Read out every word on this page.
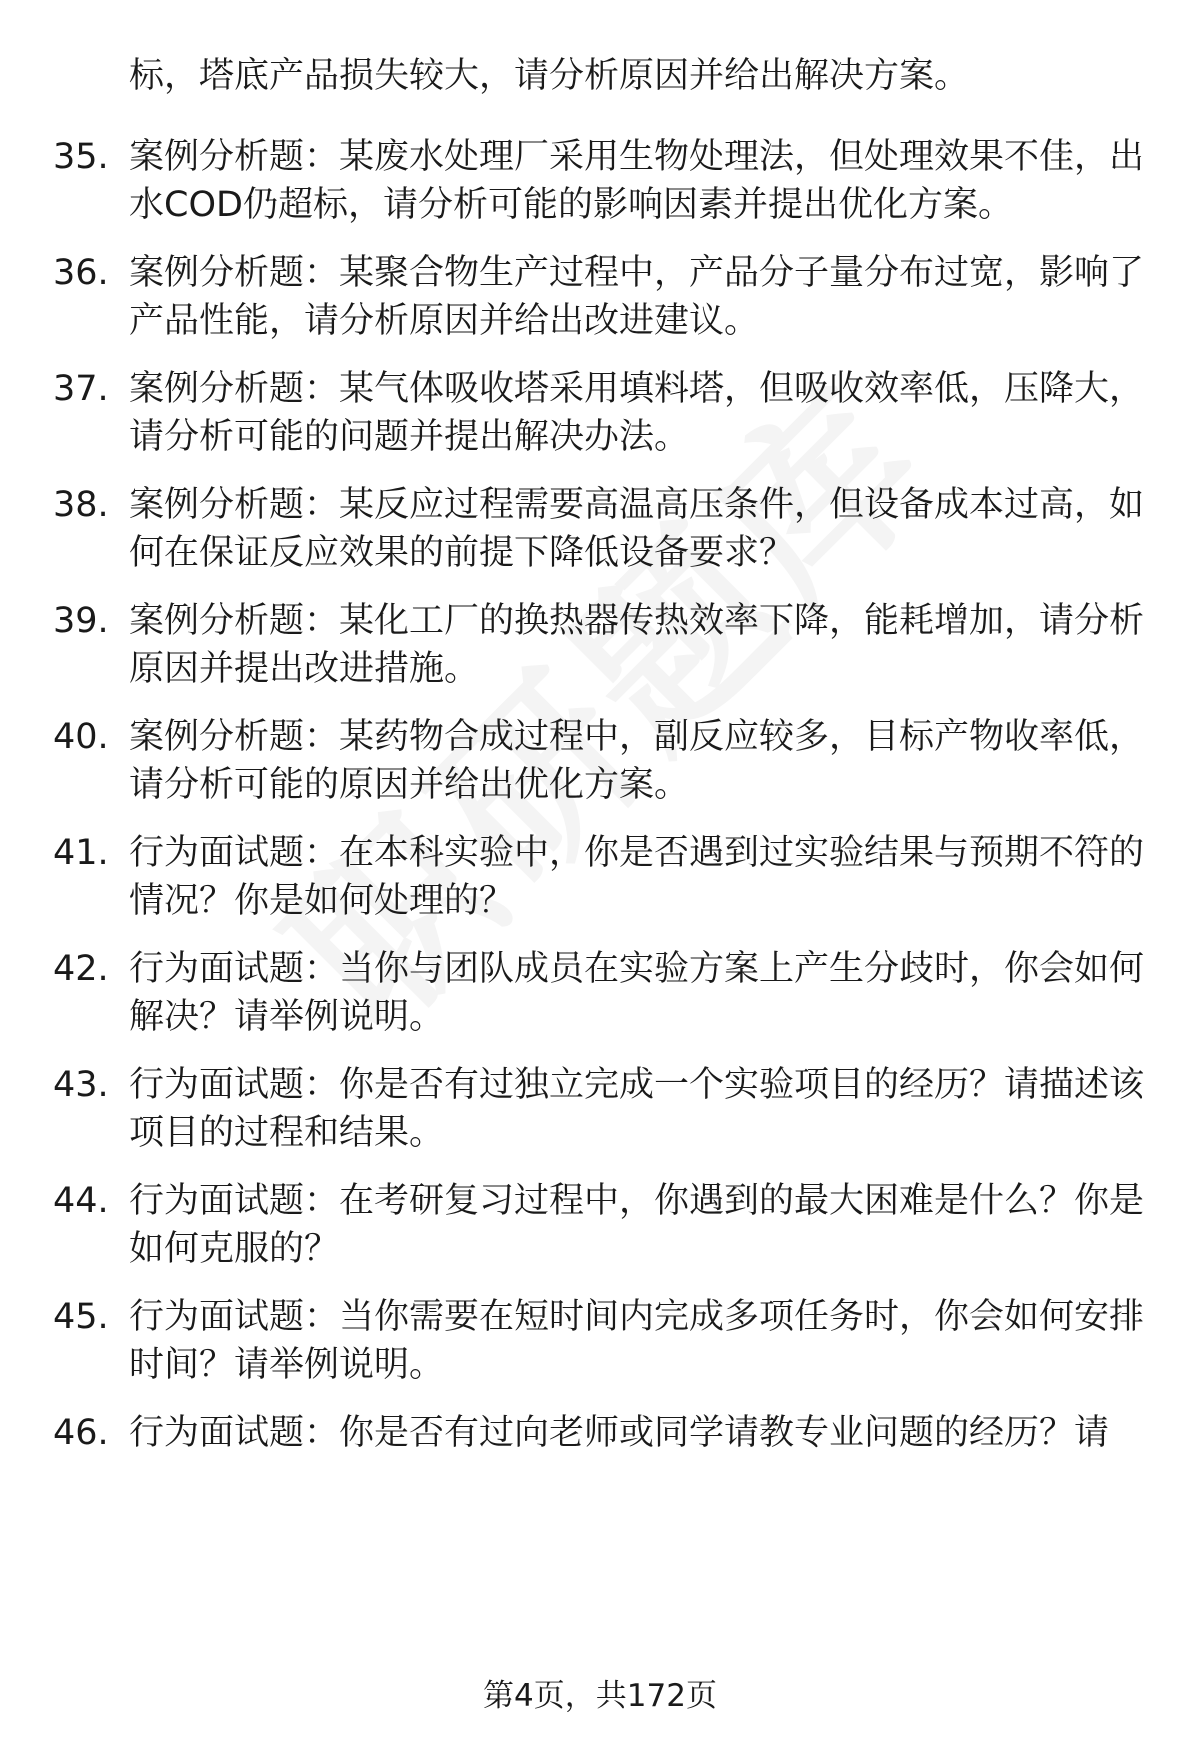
标，塔底产品损失较大，请分析原因并给出解决方案。
35. 案例分析题：某废水处理厂采用生物处理法，但处理效果不佳，出水COD仍超标，请分析可能的影响因素并提出优化方案。
36. 案例分析题：某聚合物生产过程中，产品分子量分布过宽，影响了产品性能，请分析原因并给出改进建议。
37. 案例分析题：某气体吸收塔采用填料塔，但吸收效率低，压降大，请分析可能的问题并提出解决办法。
38. 案例分析题：某反应过程需要高温高压条件，但设备成本过高，如何在保证反应效果的前提下降低设备要求？
39. 案例分析题：某化工厂的换热器传热效率下降，能耗增加，请分析原因并提出改进措施。
40. 案例分析题：某药物合成过程中，副反应较多，目标产物收率低，请分析可能的原因并给出优化方案。
41. 行为面试题：在本科实验中，你是否遇到过实验结果与预期不符的情况？你是如何处理的？
42. 行为面试题：当你与团队成员在实验方案上产生分歧时，你会如何解决？请举例说明。
43. 行为面试题：你是否有过独立完成一个实验项目的经历？请描述该项目的过程和结果。
44. 行为面试题：在考研复习过程中，你遇到的最大困难是什么？你是如何克服的？
45. 行为面试题：当你需要在短时间内完成多项任务时，你会如何安排时间？请举例说明。
46. 行为面试题：你是否有过向老师或同学请教专业问题的经历？请
第4页，共172页
